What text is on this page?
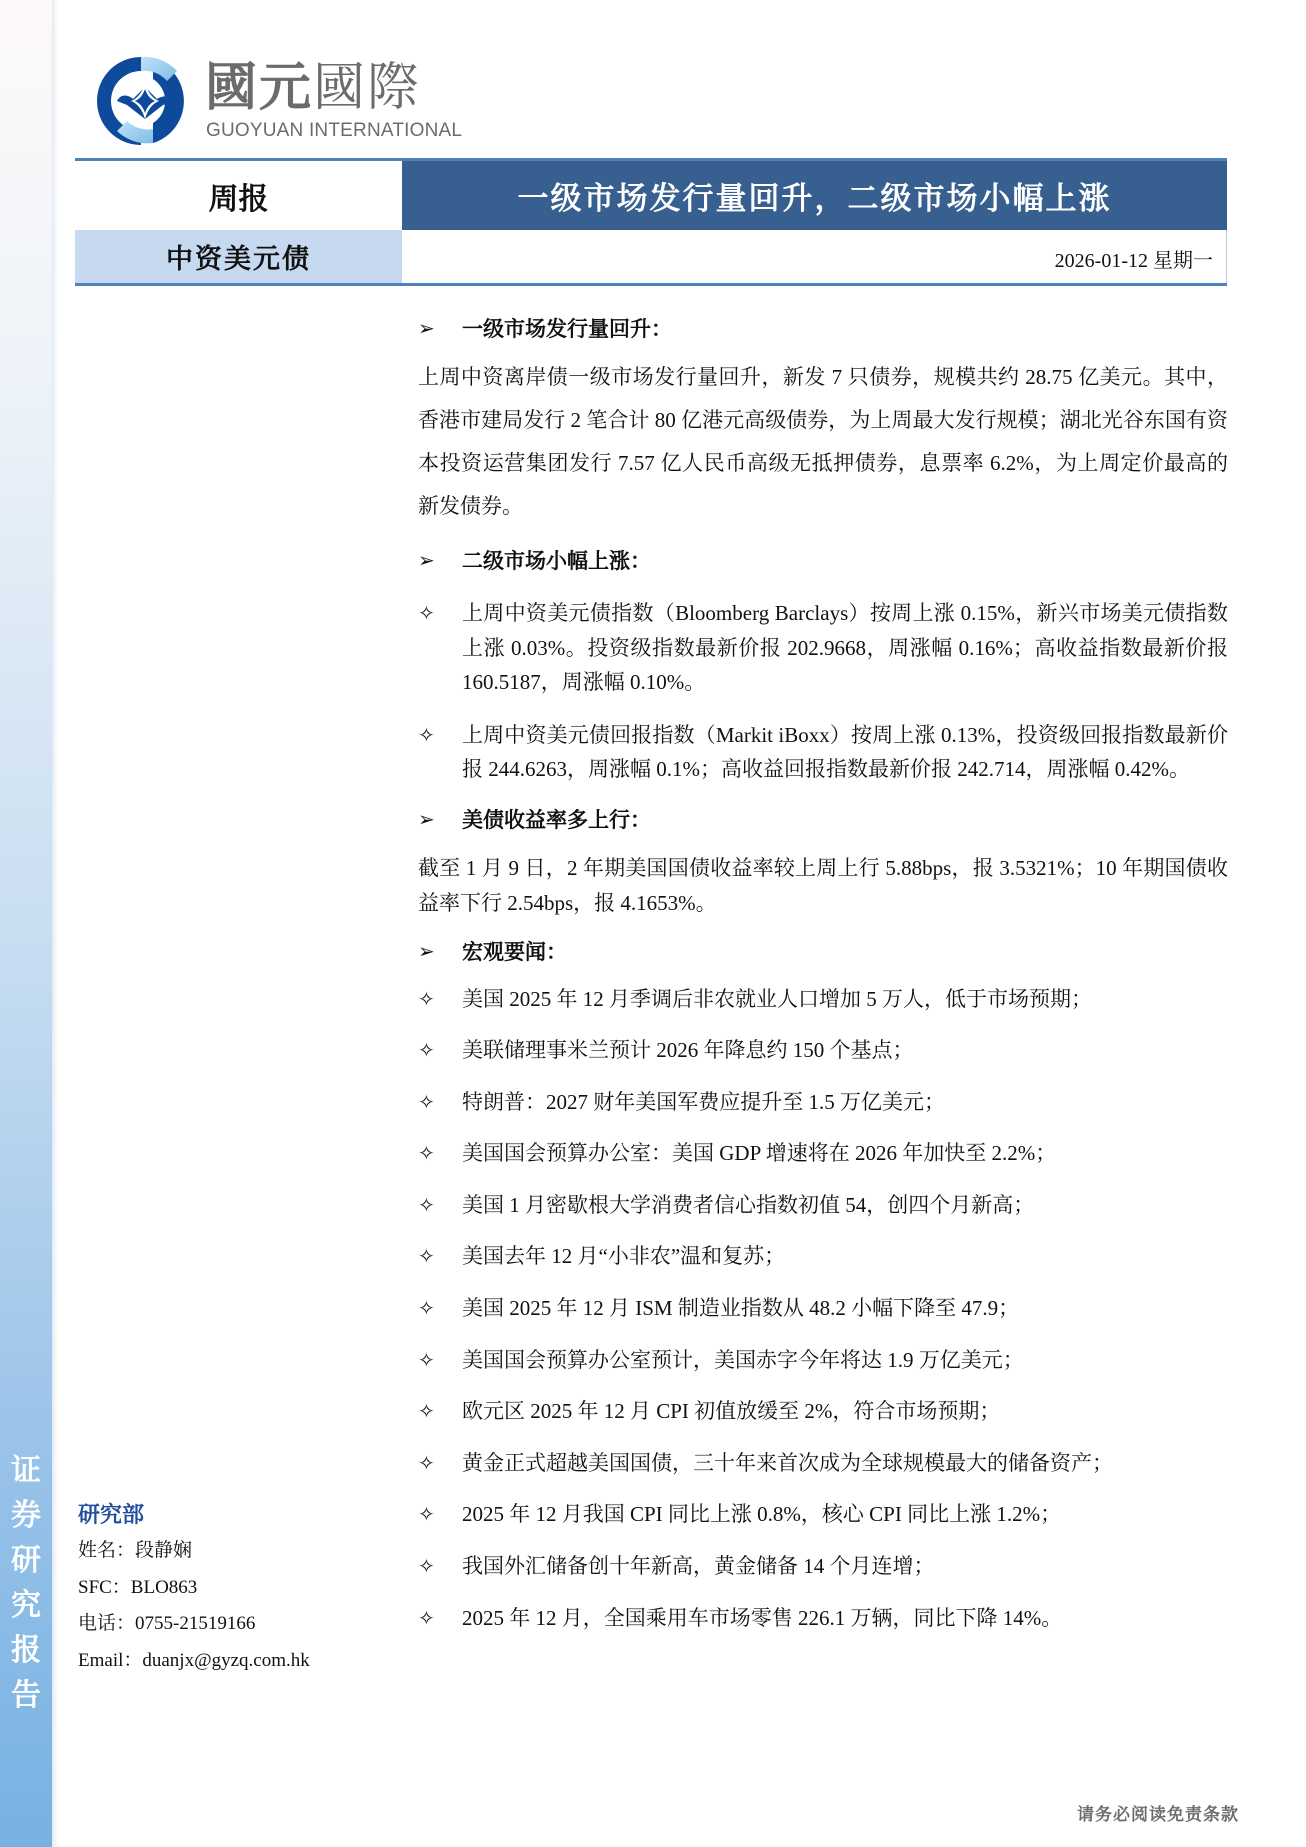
证
券
研
究
报
告
國元國際
GUOYUAN INTERNATIONAL
周报	一级市场发行量回升，二级市场小幅上涨
中资美元债	2026-01-12 星期一
➢	一级市场发行量回升：

上周中资离岸债一级市场发行量回升，新发 7 只债券，规模共约 28.75 亿美元。其中，香港市建局发行 2 笔合计 80 亿港元高级债券，为上周最大发行规模；湖北光谷东国有资本投资运营集团发行 7.57 亿人民币高级无抵押债券，息票率 6.2%，为上周定价最高的新发债券。

➢	二级市场小幅上涨：
✧	上周中资美元债指数（Bloomberg Barclays）按周上涨 0.15%，新兴市场美元债指数上涨 0.03%。投资级指数最新价报 202.9668，周涨幅 0.16%；高收益指数最新价报 160.5187，周涨幅 0.10%。
✧	上周中资美元债回报指数（Markit iBoxx）按周上涨 0.13%，投资级回报指数最新价报 244.6263，周涨幅 0.1%；高收益回报指数最新价报 242.714，周涨幅 0.42%。
➢	美债收益率多上行：

截至 1 月 9 日，2 年期美国国债收益率较上周上行 5.88bps，报 3.5321%；10 年期国债收益率下行 2.54bps，报 4.1653%。

➢	宏观要闻：
✧	美国 2025 年 12 月季调后非农就业人口增加 5 万人，低于市场预期；
✧	美联储理事米兰预计 2026 年降息约 150 个基点；
✧	特朗普：2027 财年美国军费应提升至 1.5 万亿美元；
✧	美国国会预算办公室：美国 GDP 增速将在 2026 年加快至 2.2%；
✧	美国 1 月密歇根大学消费者信心指数初值 54，创四个月新高；
✧	美国去年 12 月“小非农”温和复苏；
✧	美国 2025 年 12 月 ISM 制造业指数从 48.2 小幅下降至 47.9；
✧	美国国会预算办公室预计，美国赤字今年将达 1.9 万亿美元；
✧	欧元区 2025 年 12 月 CPI 初值放缓至 2%，符合市场预期；
✧	黄金正式超越美国国债，三十年来首次成为全球规模最大的储备资产；
✧	2025 年 12 月我国 CPI 同比上涨 0.8%，核心 CPI 同比上涨 1.2%；
✧	我国外汇储备创十年新高，黄金储备 14 个月连增；
✧	2025 年 12 月，全国乘用车市场零售 226.1 万辆，同比下降 14%。
研究部
姓名：段静娴
SFC：BLO863
电话：0755-21519166
Email：duanjx@gyzq.com.hk
请务必阅读免责条款
